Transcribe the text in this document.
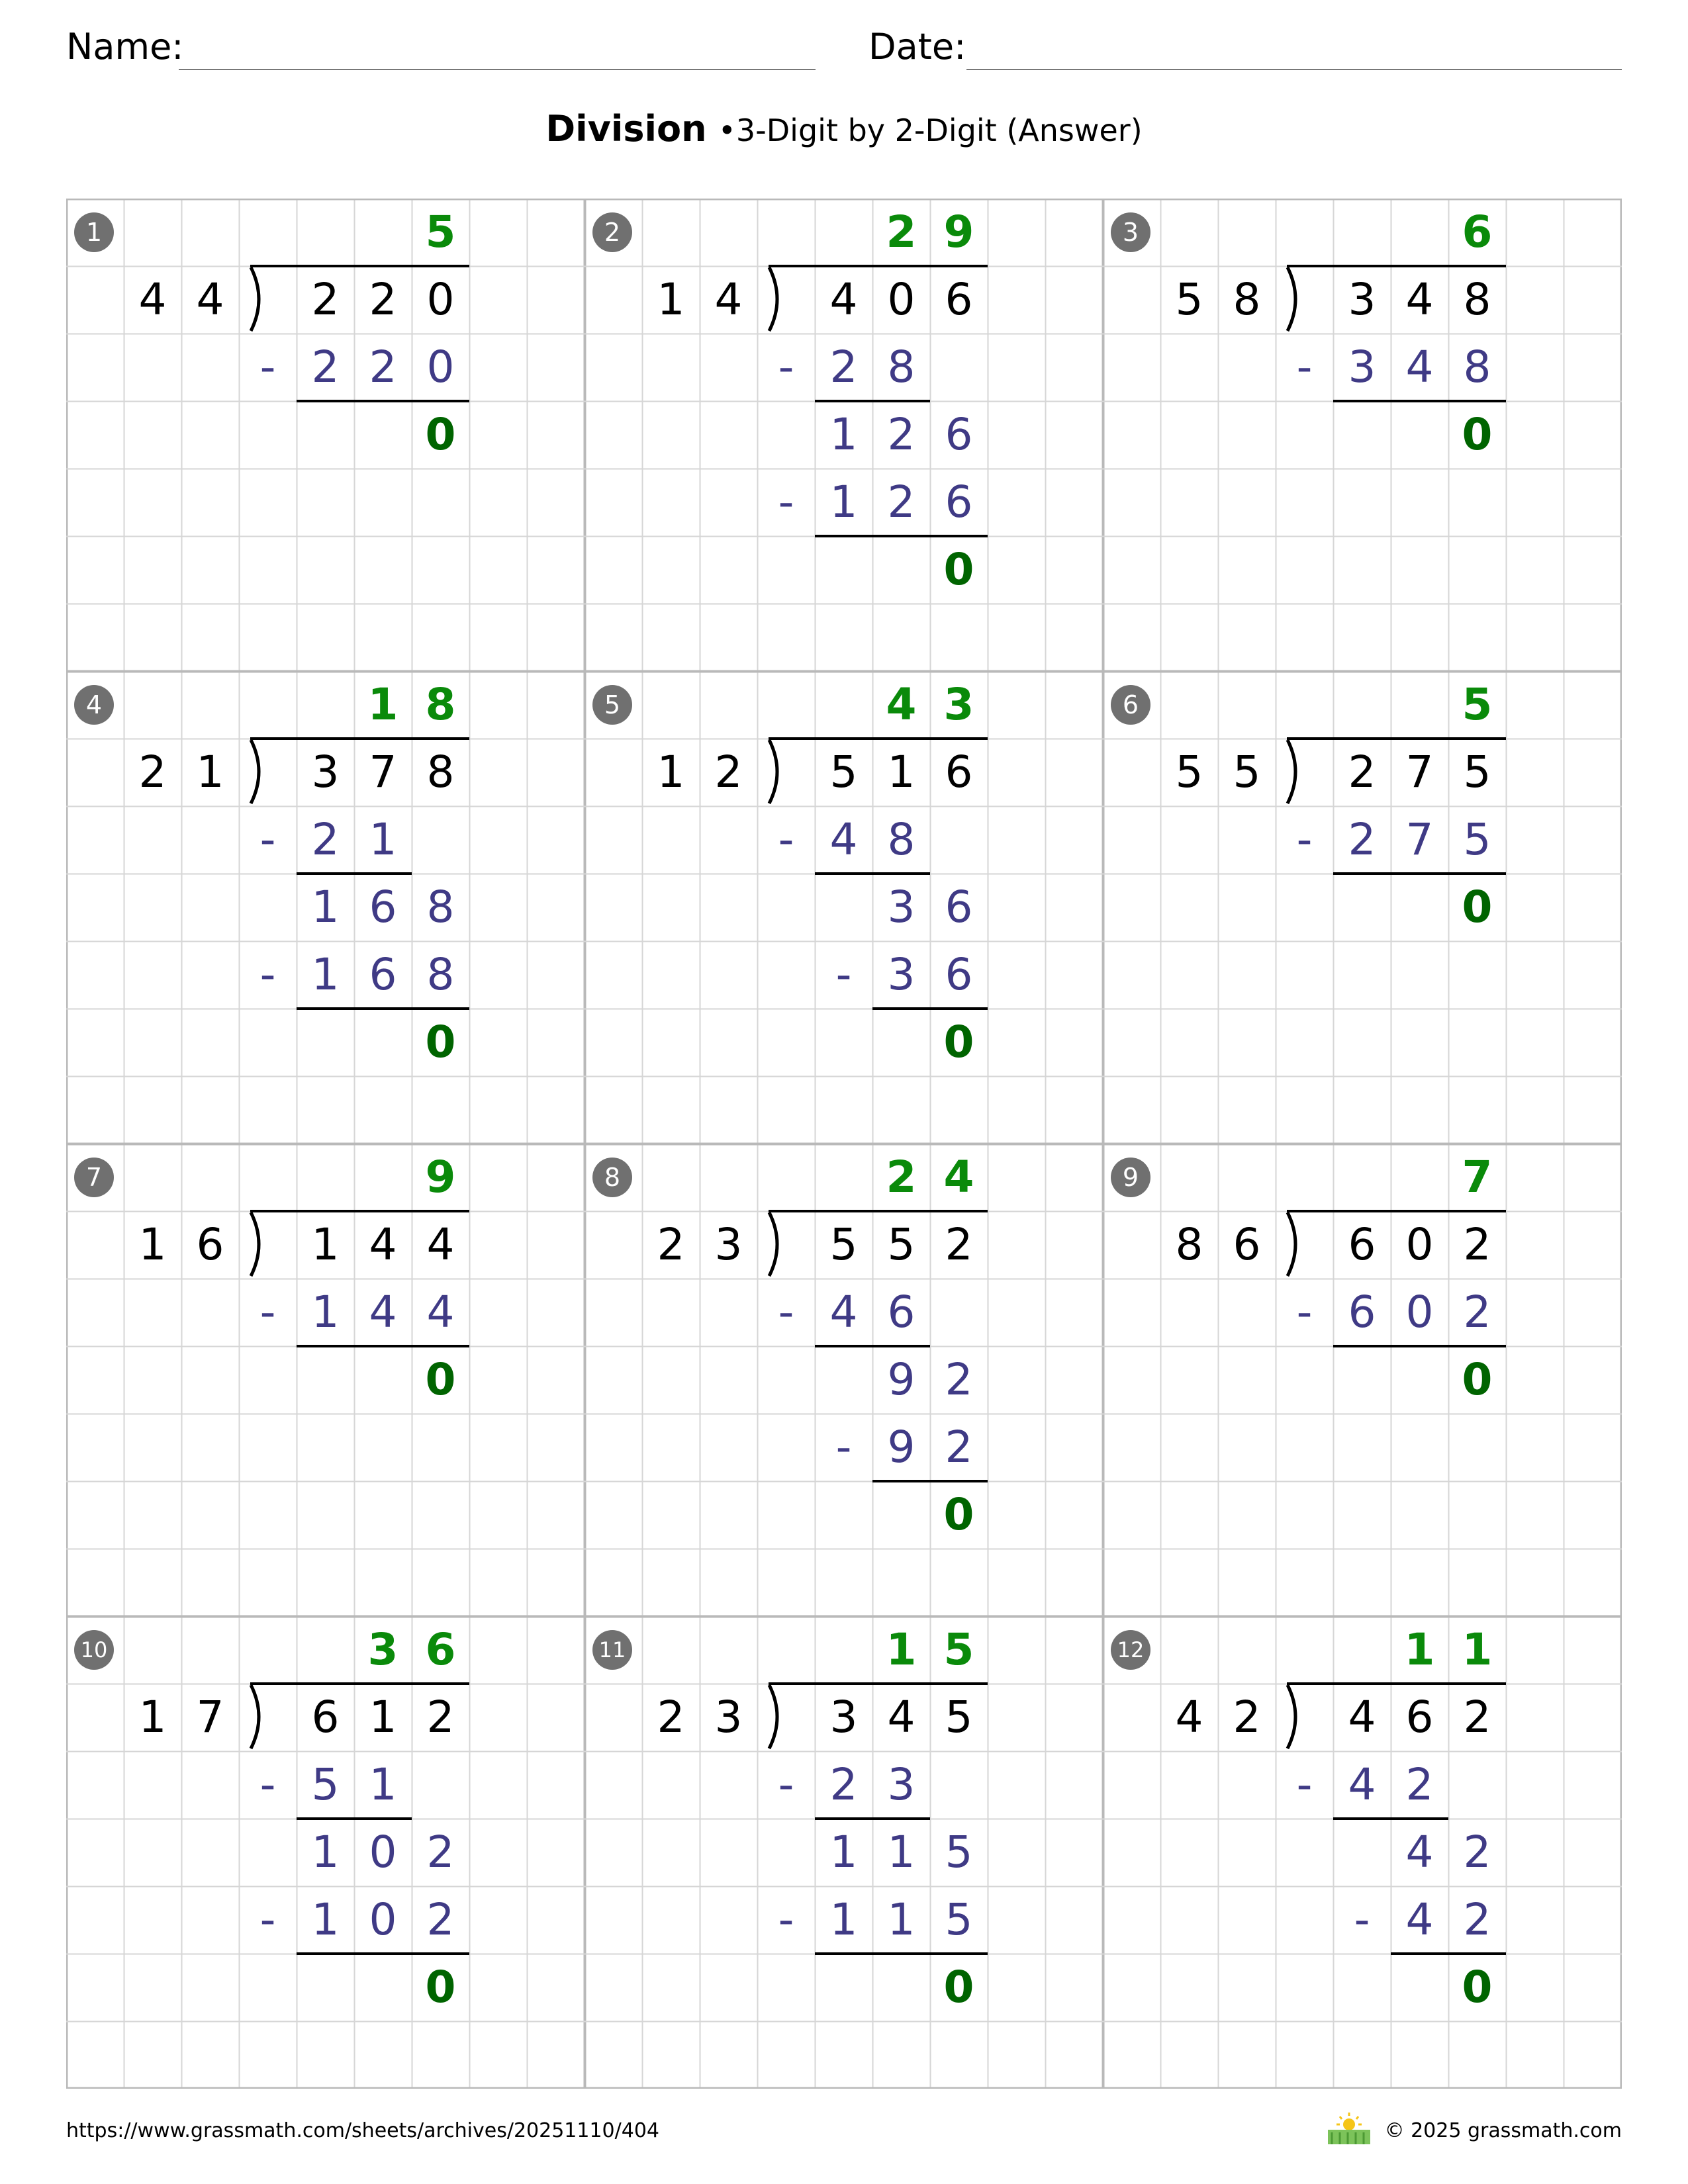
Name:	Date:
Division •3-Digit by 2-Digit (Answer)
1	5
4 4	2 2 0
- 2 2 0
0
2	2 9
1 4	4 0 6
- 2 8
1 2 6
- 1 2 6
0
3	6
5 8	3 4 8
- 3 4 8
0
4	1 8
2 1	3 7 8
- 2 1
1 6 8
- 1 6 8
0
5	4 3
1 2	5 1 6
- 4 8
3 6
- 3 6
0
6	5
5 5	2 7 5
- 2 7 5
0
7	9
1 6	1 4 4
- 1 4 4
0
8	2 4
2 3	5 5 2
- 4 6
9 2
- 9 2
0
9	7
8 6	6 0 2
- 6 0 2
0
10	3 6
1 7	6 1 2
- 5 1
1 0 2
- 1 0 2
0
11	1 5
2 3	3 4 5
- 2 3
1 1 5
- 1 1 5
0
12	1 1
4 2	4 6 2
- 4 2
4 2
- 4 2
0
https://www.grassmath.com/sheets/archives/20251110/404	© 2025 grassmath.com
